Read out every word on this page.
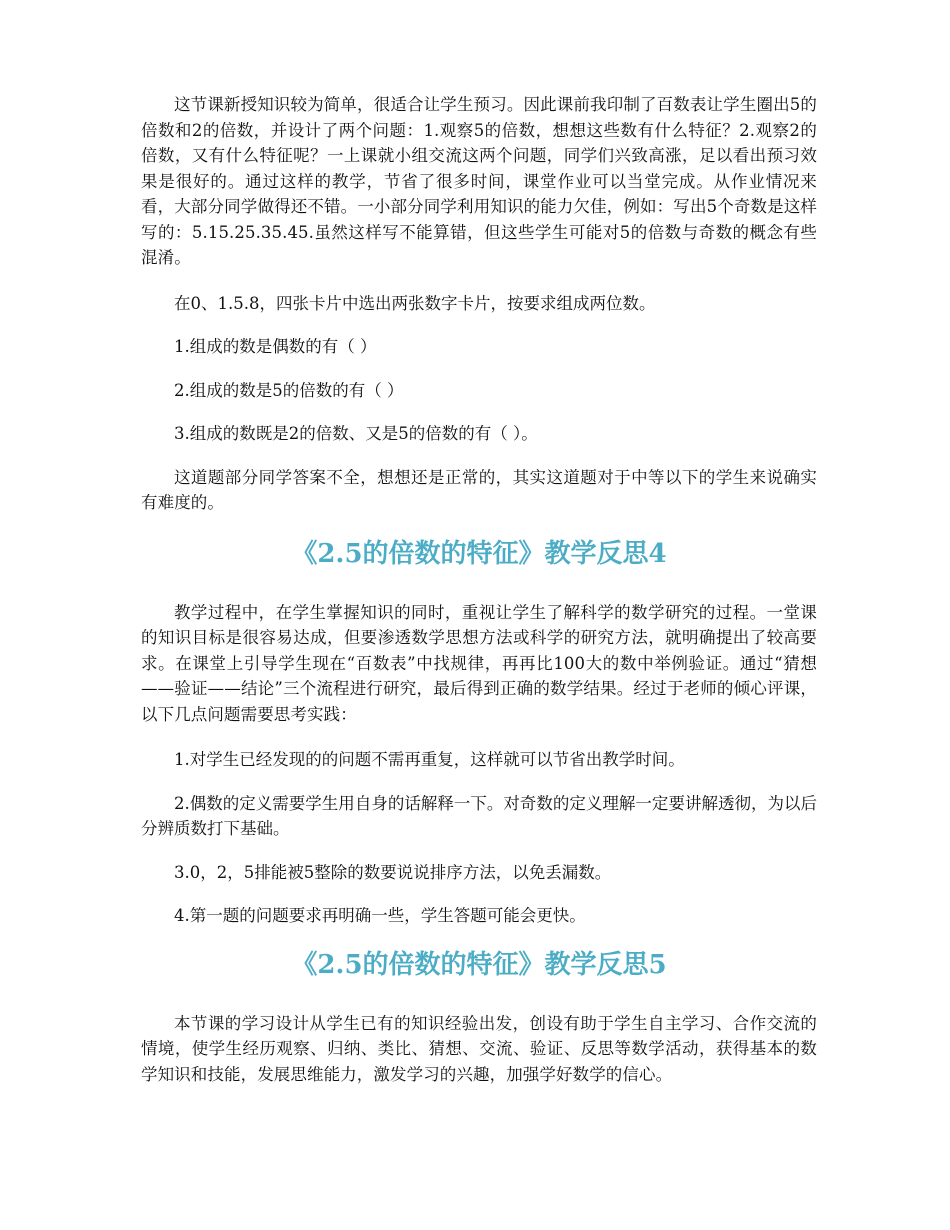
这节课新授知识较为简单，很适合让学生预习。因此课前我印制了百数表让学生圈出5的倍数和2的倍数，并设计了两个问题：1.观察5的倍数，想想这些数有什么特征？2.观察2的倍数，又有什么特征呢？一上课就小组交流这两个问题，同学们兴致高涨，足以看出预习效果是很好的。通过这样的教学，节省了很多时间，课堂作业可以当堂完成。从作业情况来看，大部分同学做得还不错。一小部分同学利用知识的能力欠佳，例如：写出5个奇数是这样写的：5.15.25.35.45.虽然这样写不能算错，但这些学生可能对5的倍数与奇数的概念有些混淆。

在0、1.5.8，四张卡片中选出两张数字卡片，按要求组成两位数。

1.组成的数是偶数的有（ ）

2.组成的数是5的倍数的有（ ）

3.组成的数既是2的倍数、又是5的倍数的有（ ）。

这道题部分同学答案不全，想想还是正常的，其实这道题对于中等以下的学生来说确实有难度的。

《2.5的倍数的特征》教学反思4

教学过程中，在学生掌握知识的同时，重视让学生了解科学的数学研究的过程。一堂课的知识目标是很容易达成，但要渗透数学思想方法或科学的研究方法，就明确提出了较高要求。在课堂上引导学生现在“百数表”中找规律，再再比100大的数中举例验证。通过“猜想——验证——结论”三个流程进行研究，最后得到正确的数学结果。经过于老师的倾心评课，以下几点问题需要思考实践：

1.对学生已经发现的的问题不需再重复，这样就可以节省出教学时间。

2.偶数的定义需要学生用自身的话解释一下。对奇数的定义理解一定要讲解透彻，为以后分辨质数打下基础。

3.0，2，5排能被5整除的数要说说排序方法，以免丢漏数。

4.第一题的问题要求再明确一些，学生答题可能会更快。

《2.5的倍数的特征》教学反思5

本节课的学习设计从学生已有的知识经验出发，创设有助于学生自主学习、合作交流的情境，使学生经历观察、归纳、类比、猜想、交流、验证、反思等数学活动，获得基本的数学知识和技能，发展思维能力，激发学习的兴趣，加强学好数学的信心。
